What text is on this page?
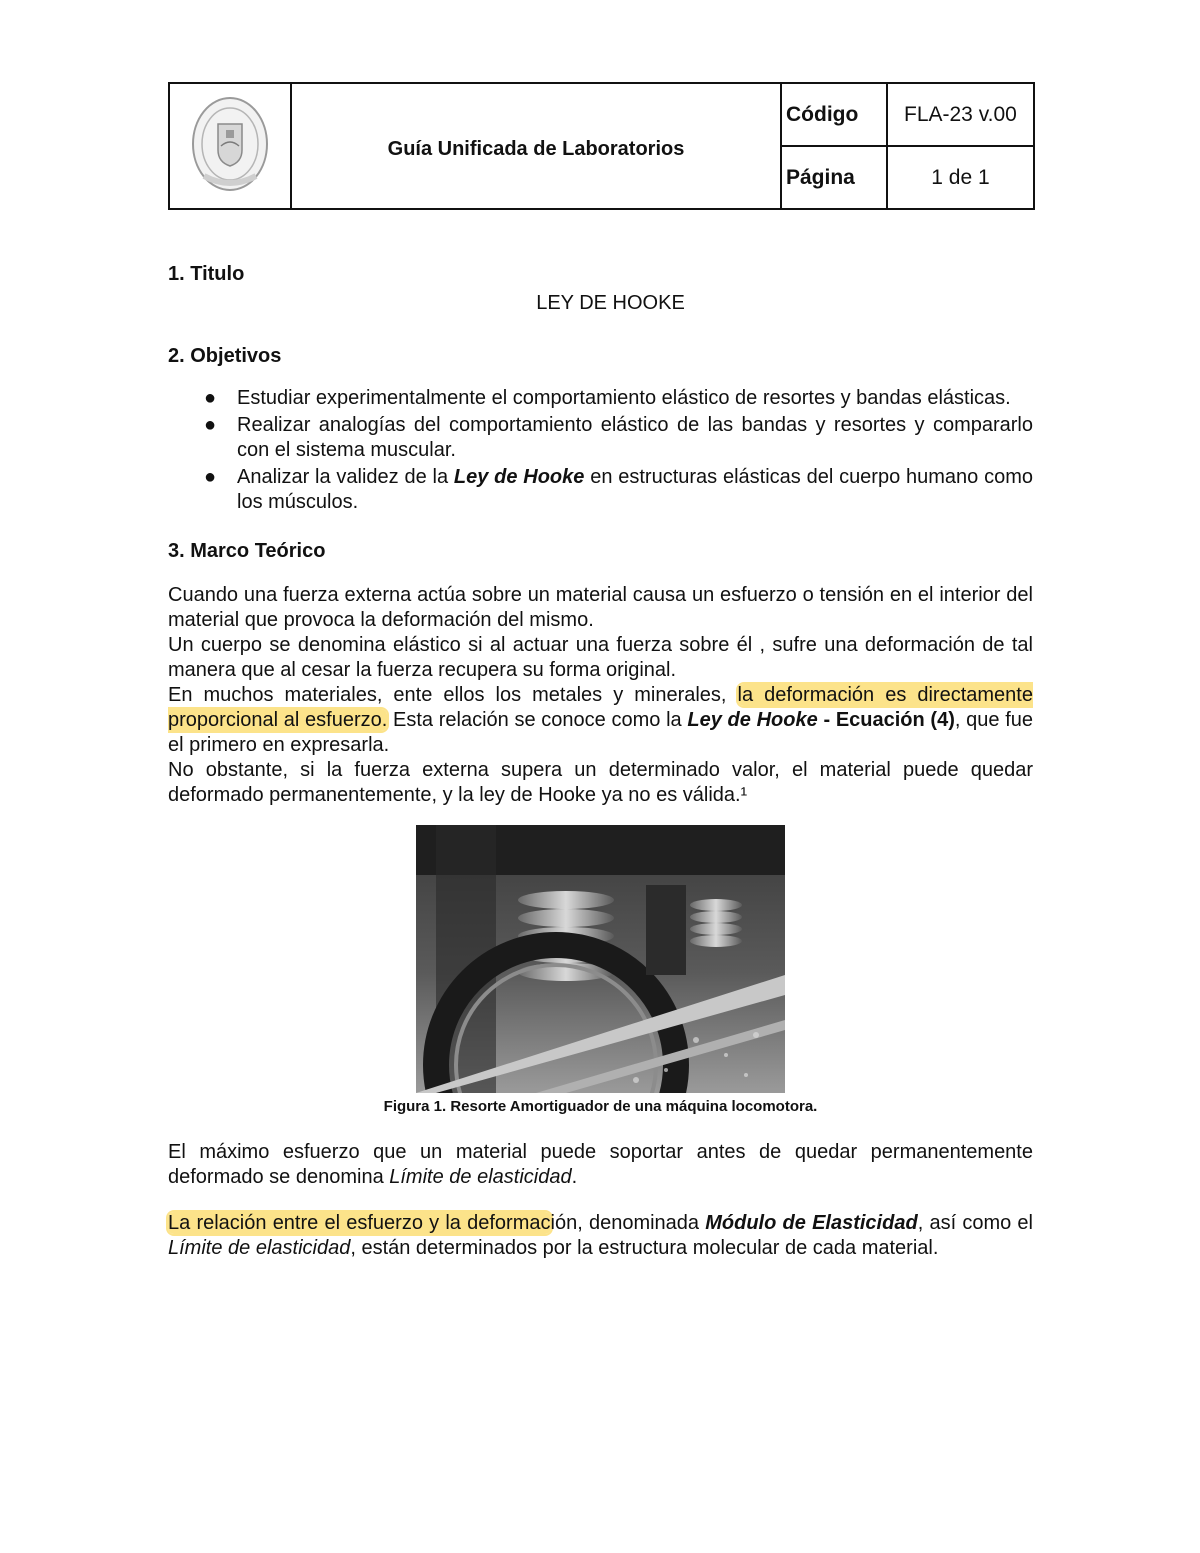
	Guía Unificada de Laboratorios	Código	FLA-23 v.00
		Página	1 de 1
1. Titulo

LEY DE HOOKE

2. Objetivos
● Estudiar experimentalmente el comportamiento elástico de resortes y bandas elásticas.
● Realizar analogías del comportamiento elástico de las bandas y resortes y compararlo con el sistema muscular.
● Analizar la validez de la Ley de Hooke en estructuras elásticas del cuerpo humano como los músculos.
3. Marco Teórico

Cuando una fuerza externa actúa sobre un material causa un esfuerzo o tensión en el interior del material que provoca la deformación del mismo.

Un cuerpo se denomina elástico si al actuar una fuerza sobre él , sufre una deformación de tal manera que al cesar la fuerza recupera su forma original.

En muchos materiales, ente ellos los metales y minerales, la deformación es directamente proporcional al esfuerzo. Esta relación se conoce como la Ley de Hooke - Ecuación (4), que fue el primero en expresarla.

No obstante, si la fuerza externa supera un determinado valor, el material puede quedar deformado permanentemente, y la ley de Hooke ya no es válida.¹

Figura 1. Resorte Amortiguador de una máquina locomotora.

El máximo esfuerzo que un material puede soportar antes de quedar permanentemente deformado se denomina Límite de elasticidad.

La relación entre el esfuerzo y la deformación, denominada Módulo de Elasticidad, así como el Límite de elasticidad, están determinados por la estructura molecular de cada material.
